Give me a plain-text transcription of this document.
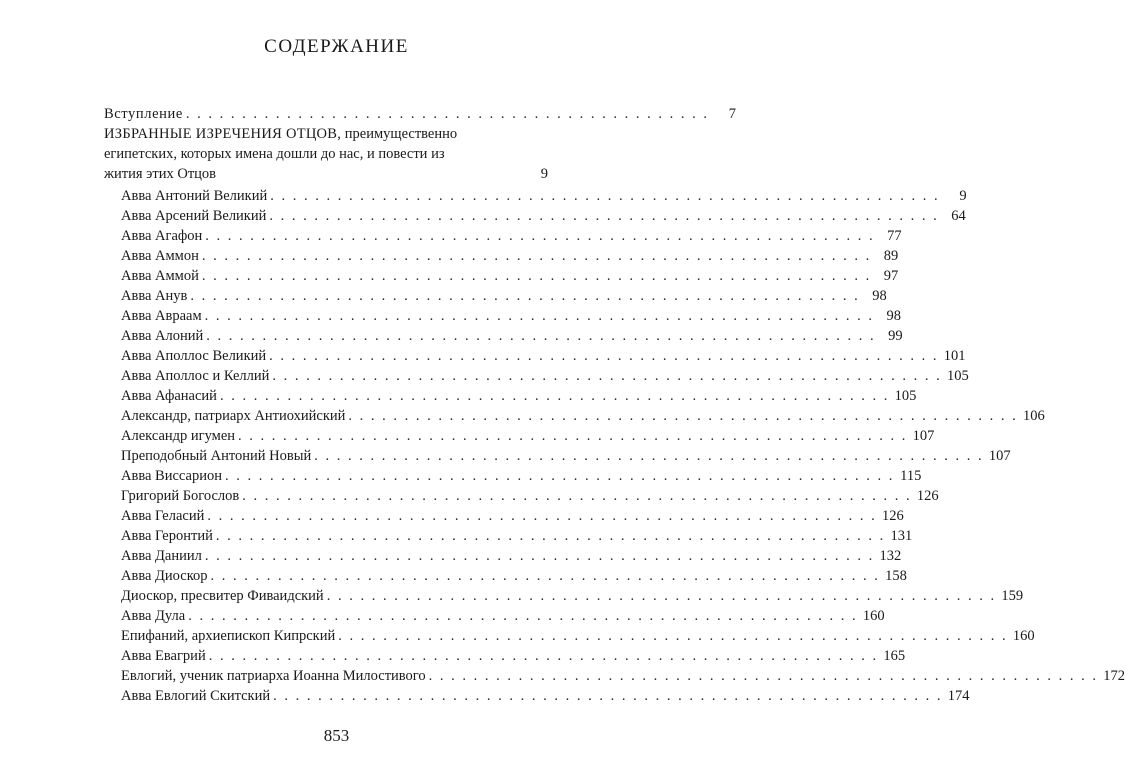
СОДЕРЖАНИЕ
Вступление . . . . . . . . . . . . . . . . . . . . . . . . . . . . . . . . . . . . . . . . . . . . . . .	7
ИЗБРАННЫЕ ИЗРЕЧЕНИЯ ОТЦОВ, преимущественно
египетских, которых имена дошли до нас, и повести из
жития этих Отцов	9
Авва Антоний Великий . . . . . . . . . . . . . . . . . . . . . . . . . . . . . . . . . . . . . . . . . . . . . . . . . . . . . . . . . . . .	9
Авва Арсений Великий . . . . . . . . . . . . . . . . . . . . . . . . . . . . . . . . . . . . . . . . . . . . . . . . . . . . . . . . . . . . 64
Авва Агафон . . . . . . . . . . . . . . . . . . . . . . . . . . . . . . . . . . . . . . . . . . . . . . . . . . . . . . . . . . . . 77
Авва Аммон . . . . . . . . . . . . . . . . . . . . . . . . . . . . . . . . . . . . . . . . . . . . . . . . . . . . . . . . . . . . 89
Авва Аммой . . . . . . . . . . . . . . . . . . . . . . . . . . . . . . . . . . . . . . . . . . . . . . . . . . . . . . . . . . . . 97
Авва Анув . . . . . . . . . . . . . . . . . . . . . . . . . . . . . . . . . . . . . . . . . . . . . . . . . . . . . . . . . . . . 98
Авва Авраам . . . . . . . . . . . . . . . . . . . . . . . . . . . . . . . . . . . . . . . . . . . . . . . . . . . . . . . . . . . . 98
Авва Алоний . . . . . . . . . . . . . . . . . . . . . . . . . . . . . . . . . . . . . . . . . . . . . . . . . . . . . . . . . . . . 99
Авва Аполлос Великий . . . . . . . . . . . . . . . . . . . . . . . . . . . . . . . . . . . . . . . . . . . . . . . . . . . . . . . . . . . . 101
Авва Аполлос и Келлий . . . . . . . . . . . . . . . . . . . . . . . . . . . . . . . . . . . . . . . . . . . . . . . . . . . . . . . . . . . . 105
Авва Афанасий . . . . . . . . . . . . . . . . . . . . . . . . . . . . . . . . . . . . . . . . . . . . . . . . . . . . . . . . . . . . 105
Александр, патриарх Антиохийский . . . . . . . . . . . . . . . . . . . . . . . . . . . . . . . . . . . . . . . . . . . . . . . . . . . . . . . . . . . . 106
Александр игумен . . . . . . . . . . . . . . . . . . . . . . . . . . . . . . . . . . . . . . . . . . . . . . . . . . . . . . . . . . . . 107
Преподобный Антоний Новый . . . . . . . . . . . . . . . . . . . . . . . . . . . . . . . . . . . . . . . . . . . . . . . . . . . . . . . . . . . . 107
Авва Виссарион . . . . . . . . . . . . . . . . . . . . . . . . . . . . . . . . . . . . . . . . . . . . . . . . . . . . . . . . . . . . 115
Григорий Богослов . . . . . . . . . . . . . . . . . . . . . . . . . . . . . . . . . . . . . . . . . . . . . . . . . . . . . . . . . . . . 126
Авва Геласий . . . . . . . . . . . . . . . . . . . . . . . . . . . . . . . . . . . . . . . . . . . . . . . . . . . . . . . . . . . . 126
Авва Геронтий . . . . . . . . . . . . . . . . . . . . . . . . . . . . . . . . . . . . . . . . . . . . . . . . . . . . . . . . . . . . 131
Авва Даниил . . . . . . . . . . . . . . . . . . . . . . . . . . . . . . . . . . . . . . . . . . . . . . . . . . . . . . . . . . . . 132
Авва Диоскор . . . . . . . . . . . . . . . . . . . . . . . . . . . . . . . . . . . . . . . . . . . . . . . . . . . . . . . . . . . . 158
Диоскор, пресвитер Фиваидский . . . . . . . . . . . . . . . . . . . . . . . . . . . . . . . . . . . . . . . . . . . . . . . . . . . . . . . . . . . . 159
Авва Дула . . . . . . . . . . . . . . . . . . . . . . . . . . . . . . . . . . . . . . . . . . . . . . . . . . . . . . . . . . . . 160
Епифаний, архиепископ Кипрский . . . . . . . . . . . . . . . . . . . . . . . . . . . . . . . . . . . . . . . . . . . . . . . . . . . . . . . . . . . . 160
Авва Евагрий . . . . . . . . . . . . . . . . . . . . . . . . . . . . . . . . . . . . . . . . . . . . . . . . . . . . . . . . . . . . 165
Евлогий, ученик патриарха Иоанна Милостивого . . . . . . . . . . . . . . . . . . . . . . . . . . . . . . . . . . . . . . . . . . . . . . . . . . . . . . . . . . . . 172
Авва Евлогий Скитский . . . . . . . . . . . . . . . . . . . . . . . . . . . . . . . . . . . . . . . . . . . . . . . . . . . . . . . . . . . . 174
853
